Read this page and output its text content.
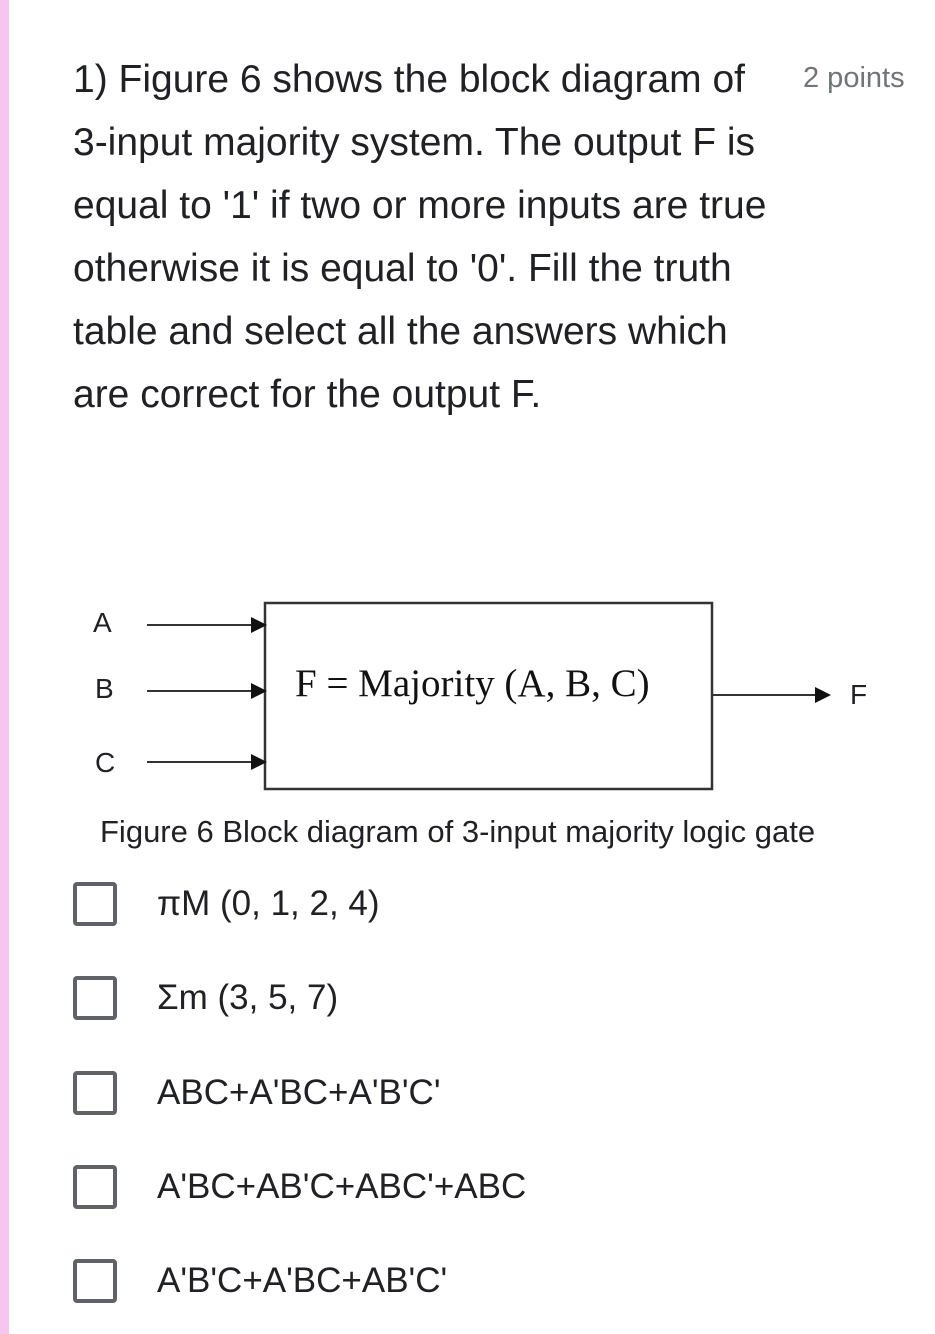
1) Figure 6 shows the block diagram of 3-input majority system. The output F is equal to '1' if two or more inputs are true otherwise it is equal to '0'. Fill the truth table and select all the answers which are correct for the output F.
2 points
A
B
C
F = Majority (A, B, C)	F
Figure 6 Block diagram of 3-input majority logic gate
πM (0, 1, 2, 4)
Σm (3, 5, 7)
ABC+A'BC+A'B'C'
A'BC+AB'C+ABC'+ABC
A'B'C+A'BC+AB'C'
